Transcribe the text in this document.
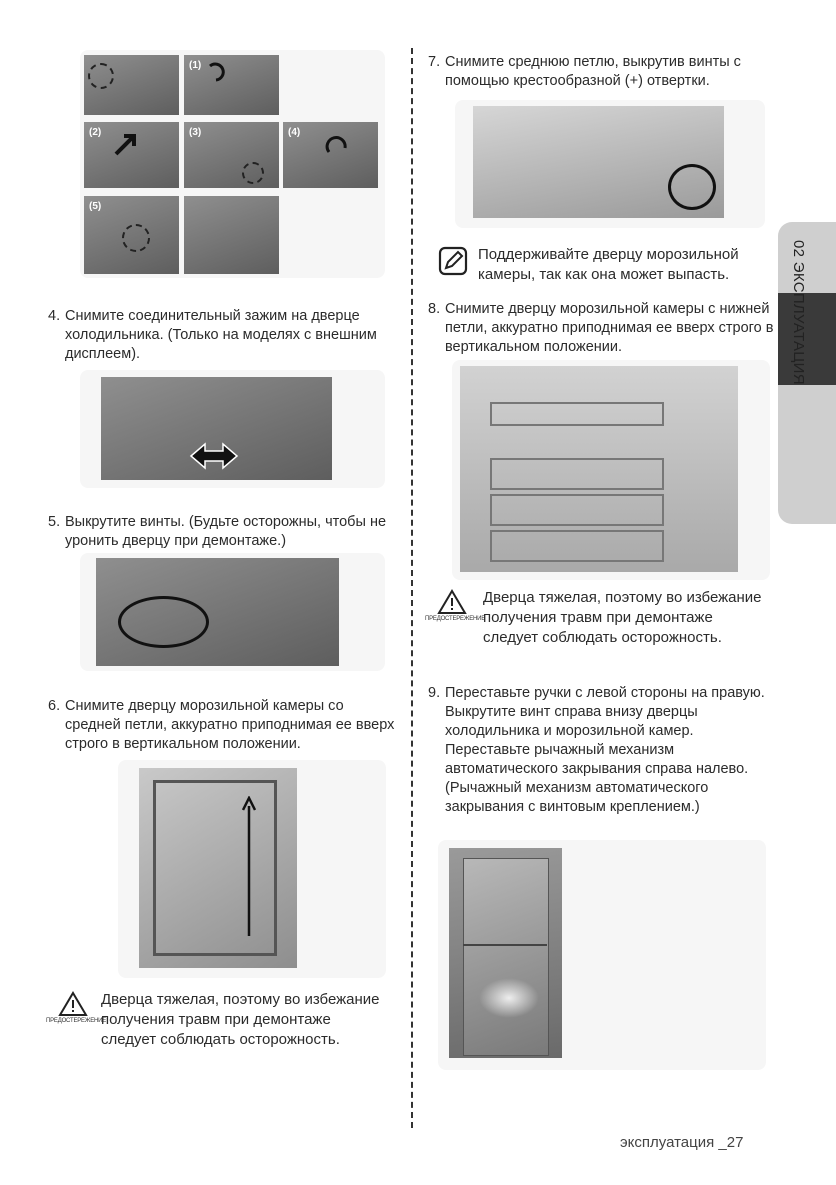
02 ЭКСПЛУАТАЦИЯ
(1)
(2)	(3)	(4)
(5)
4. Снимите соединительный зажим на дверце холодильника. (Только на моделях с внешним дисплеем).
5. Выкрутите винты. (Будьте осторожны, чтобы не уронить дверцу при демонтаже.)
6. Снимите дверцу морозильной камеры со средней петли, аккуратно приподнимая ее вверх строго в вертикальном положении.
ПРЕДОСТЕРЕЖЕНИЕ
Дверца тяжелая, поэтому во избежание получения травм при демонтаже следует соблюдать осторожность.
7. Снимите среднюю петлю, выкрутив винты с помощью крестообразной (+) отвертки.
Поддерживайте дверцу морозильной камеры, так как она может выпасть.
8. Снимите дверцу морозильной камеры с нижней петли, аккуратно приподнимая ее вверх строго в вертикальном положении.
ПРЕДОСТЕРЕЖЕНИЕ
Дверца тяжелая, поэтому во избежание получения травм при демонтаже следует соблюдать осторожность.
9. Переставьте ручки с левой стороны на правую. Выкрутите винт справа внизу дверцы холодильника и морозильной камер. Переставьте рычажный механизм автоматического закрывания справа налево. (Рычажный механизм автоматического закрывания с винтовым креплением.)
эксплуатация _27
